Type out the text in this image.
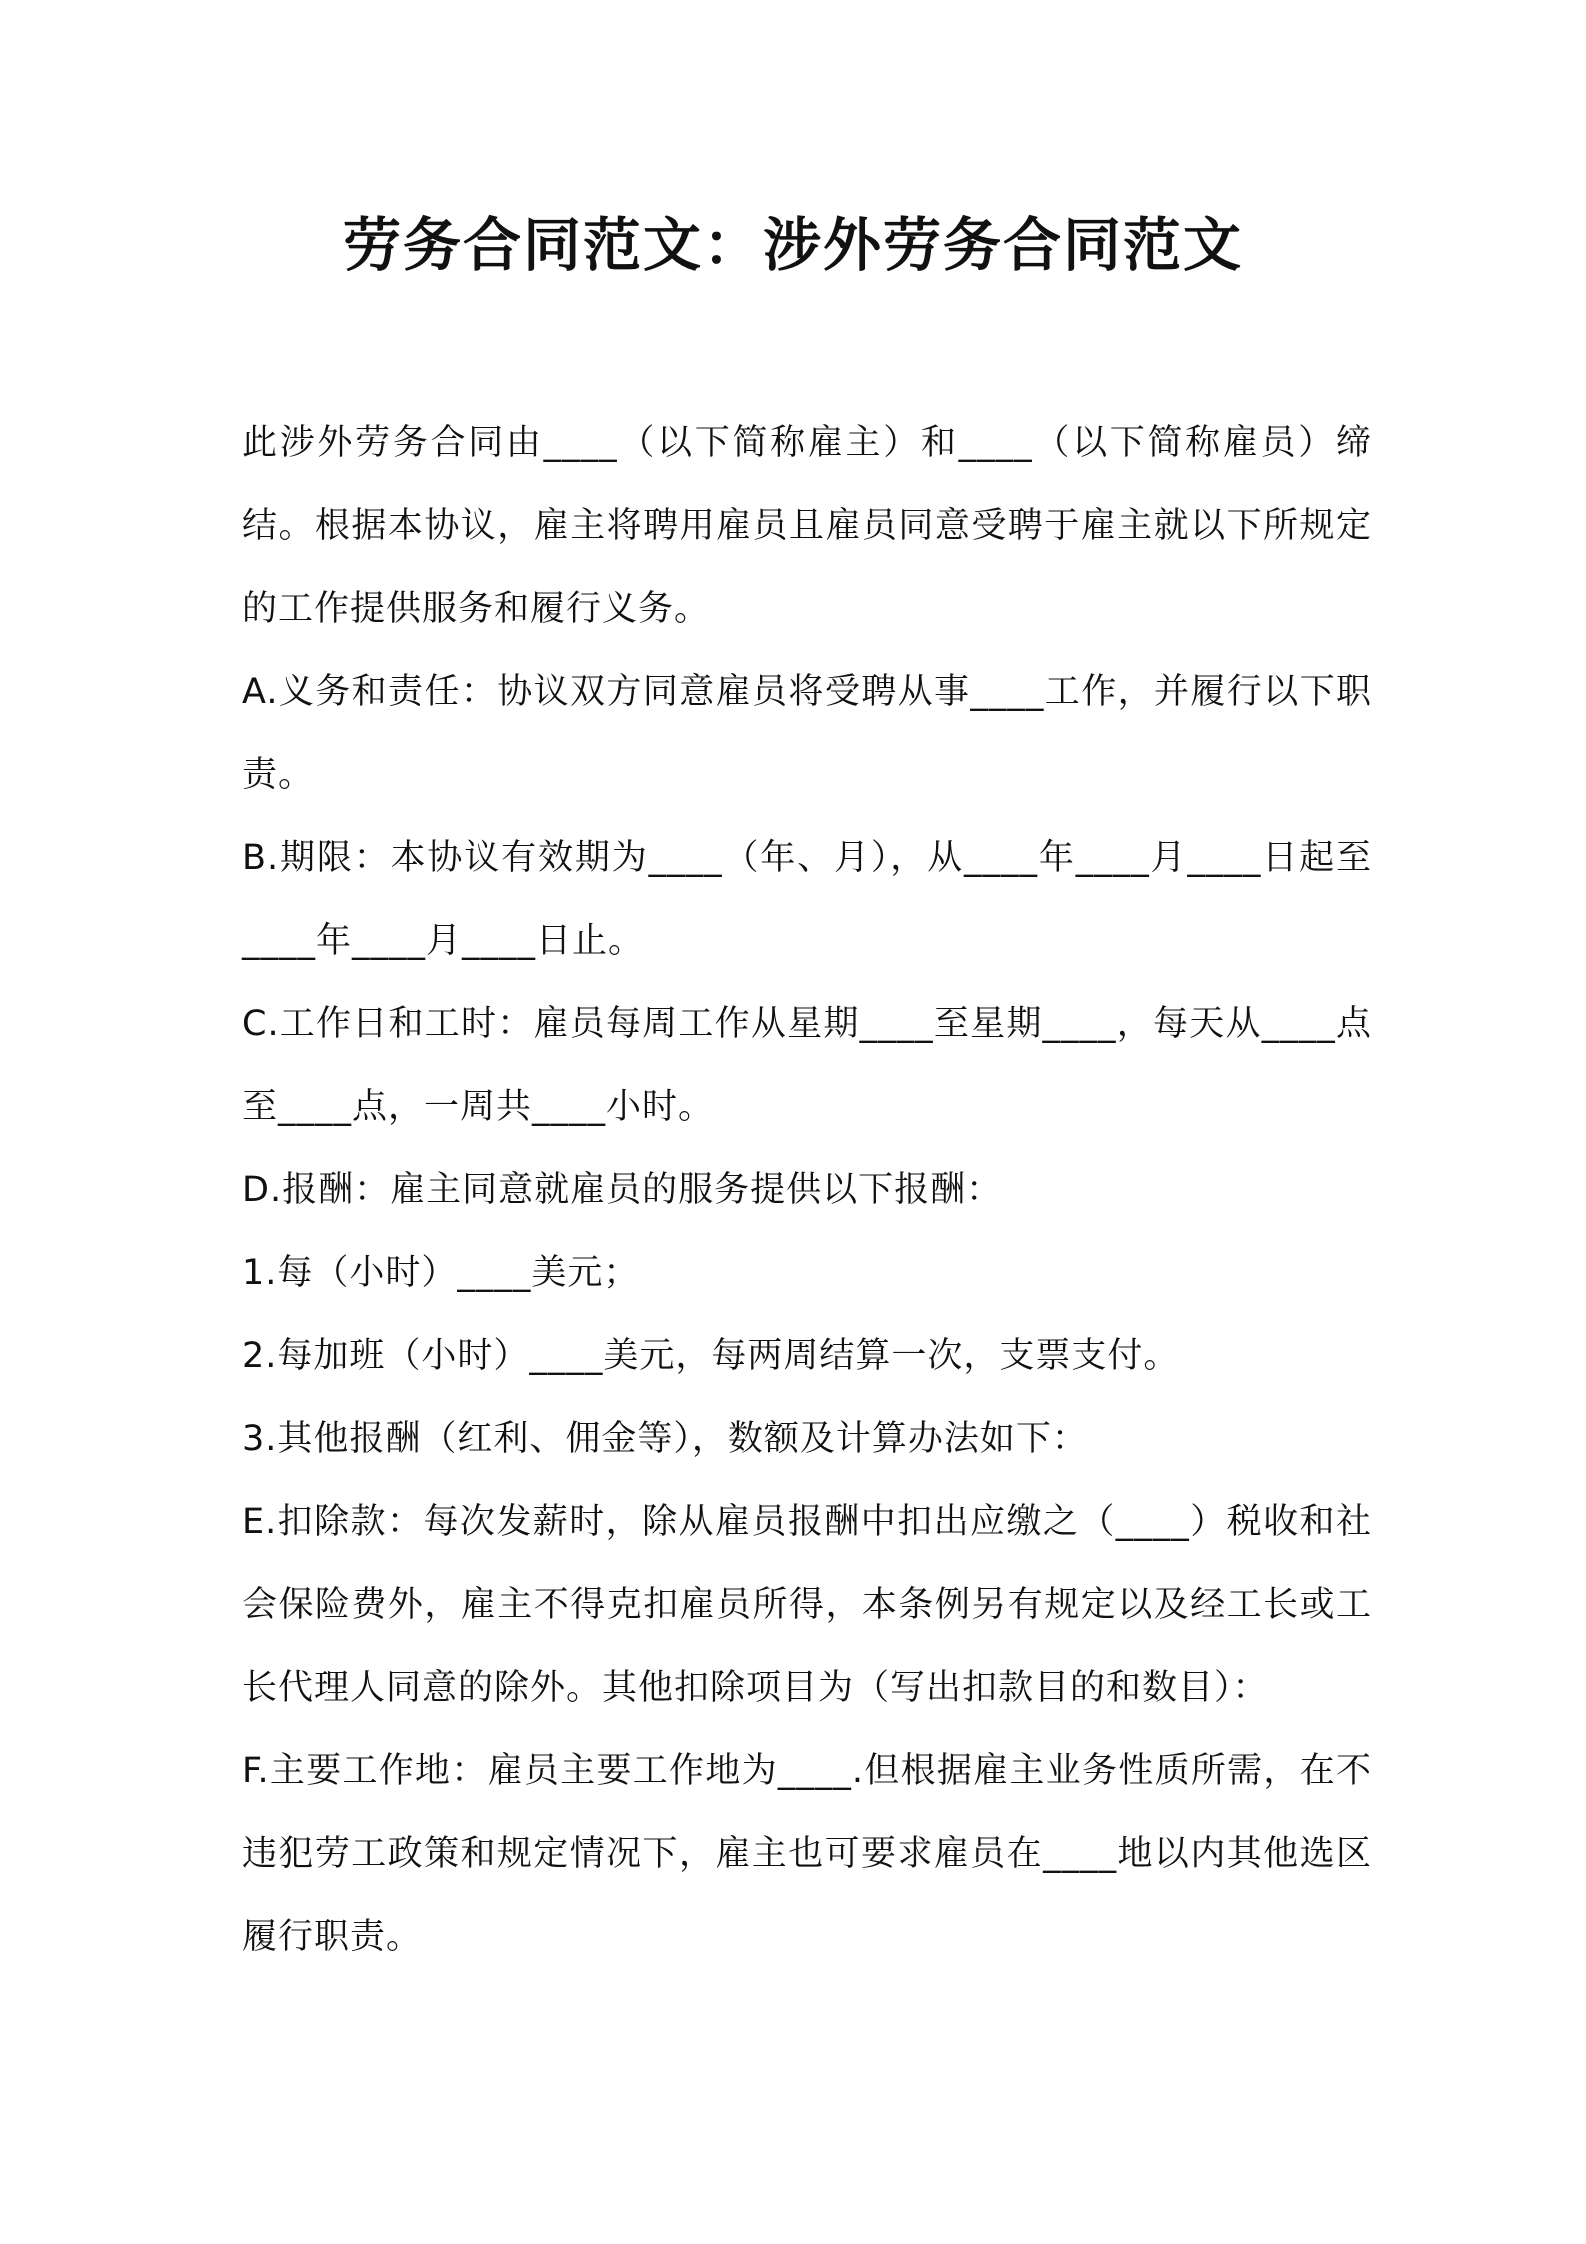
劳务合同范文：涉外劳务合同范文

此涉外劳务合同由____（以下简称雇主）和____（以下简称雇员）缔结。根据本协议，雇主将聘用雇员且雇员同意受聘于雇主就以下所规定的工作提供服务和履行义务。

A.义务和责任：协议双方同意雇员将受聘从事____工作，并履行以下职责。

B.期限：本协议有效期为____（年、月），从____年____月____日起至____年____月____日止。

C.工作日和工时：雇员每周工作从星期____至星期____，每天从____点至____点，一周共____小时。

D.报酬：雇主同意就雇员的服务提供以下报酬：

1.每（小时）____美元；

2.每加班（小时）____美元，每两周结算一次，支票支付。

3.其他报酬（红利、佣金等），数额及计算办法如下：

E.扣除款：每次发薪时，除从雇员报酬中扣出应缴之（____）税收和社会保险费外，雇主不得克扣雇员所得，本条例另有规定以及经工长或工长代理人同意的除外。其他扣除项目为（写出扣款目的和数目）：

F.主要工作地：雇员主要工作地为____.但根据雇主业务性质所需，在不违犯劳工政策和规定情况下，雇主也可要求雇员在____地以内其他选区履行职责。
